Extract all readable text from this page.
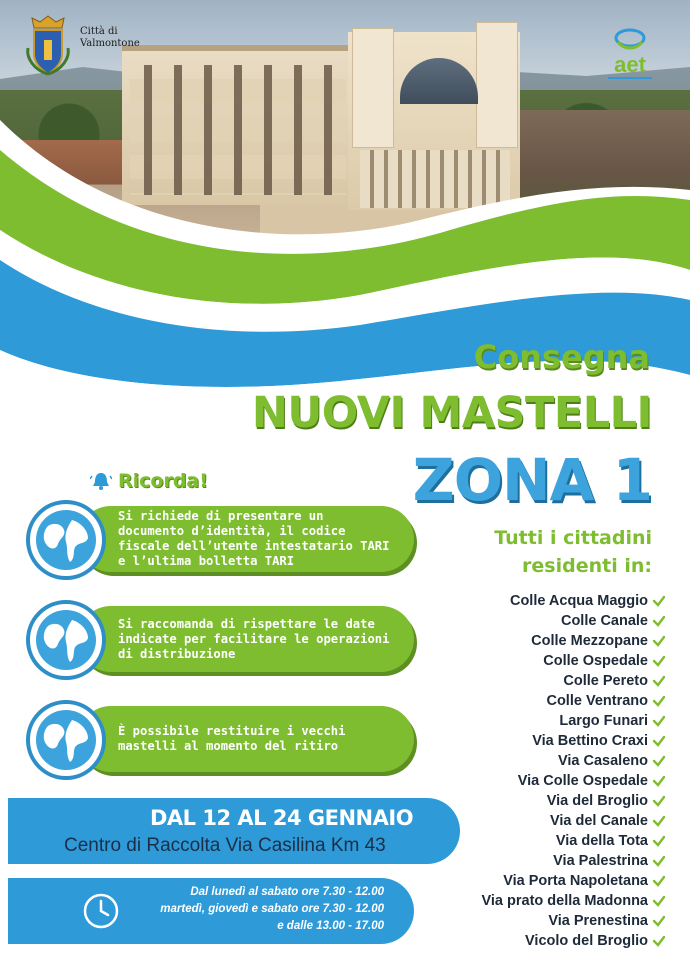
Città di
Valmontone
aet
Consegna
NUOVI MASTELLI
ZONA 1
Ricorda!
Si richiede di presentare un documento d’identità, il codice fiscale dell’utente intestatario TARI e l’ultima bolletta TARI
Si raccomanda di rispettare le date indicate per facilitare le operazioni di distribuzione
È possibile restituire i vecchi mastelli al momento del ritiro
Tutti i cittadini
residenti in:
Colle Acqua Maggio
Colle Canale
Colle Mezzopane
Colle Ospedale
Colle Pereto
Colle Ventrano
Largo Funari
Via Bettino Craxi
Via Casaleno
Via Colle Ospedale
Via del Broglio
Via del Canale
Via della Tota
Via Palestrina
Via Porta Napoletana
Via prato della Madonna
Via Prenestina
Vicolo del Broglio
DAL 12 AL 24 GENNAIO
Centro di Raccolta Via Casilina Km 43
Dal lunedì al sabato ore 7.30 - 12.00
martedì, giovedì e sabato ore 7.30 - 12.00
e dalle 13.00 - 17.00
